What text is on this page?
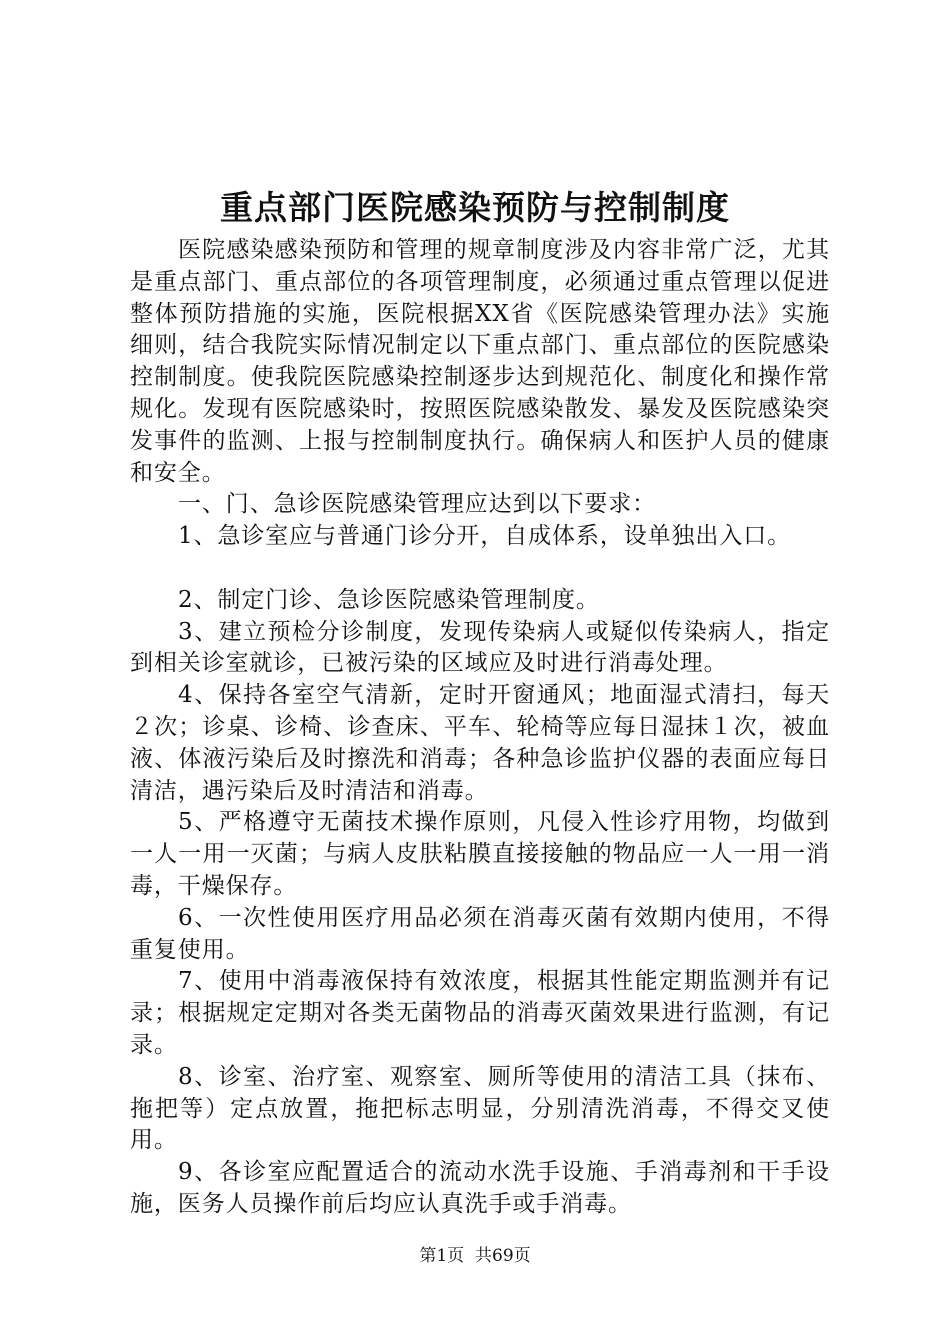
重点部门医院感染预防与控制制度

医院感染感染预防和管理的规章制度涉及内容非常广泛，尤其是重点部门、重点部位的各项管理制度，必须通过重点管理以促进整体预防措施的实施，医院根据XX省《医院感染管理办法》实施细则，结合我院实际情况制定以下重点部门、重点部位的医院感染控制制度。使我院医院感染控制逐步达到规范化、制度化和操作常规化。发现有医院感染时，按照医院感染散发、暴发及医院感染突发事件的监测、上报与控制制度执行。确保病人和医护人员的健康和安全。

一、门、急诊医院感染管理应达到以下要求：

1、急诊室应与普通门诊分开，自成体系，设单独出入口。

2、制定门诊、急诊医院感染管理制度。

3、建立预检分诊制度，发现传染病人或疑似传染病人，指定到相关诊室就诊，已被污染的区域应及时进行消毒处理。

4、保持各室空气清新，定时开窗通风；地面湿式清扫，每天２次；诊桌、诊椅、诊查床、平车、轮椅等应每日湿抹１次，被血液、体液污染后及时擦洗和消毒；各种急诊监护仪器的表面应每日清洁，遇污染后及时清洁和消毒。

5、严格遵守无菌技术操作原则，凡侵入性诊疗用物，均做到一人一用一灭菌；与病人皮肤粘膜直接接触的物品应一人一用一消毒，干燥保存。

6、一次性使用医疗用品必须在消毒灭菌有效期内使用，不得重复使用。

7、使用中消毒液保持有效浓度，根据其性能定期监测并有记录；根据规定定期对各类无菌物品的消毒灭菌效果进行监测，有记录。

8、诊室、治疗室、观察室、厕所等使用的清洁工具（抹布、拖把等）定点放置，拖把标志明显，分别清洗消毒，不得交叉使用。

9、各诊室应配置适合的流动水洗手设施、手消毒剂和干手设施，医务人员操作前后均应认真洗手或手消毒。

第1页 共69页
